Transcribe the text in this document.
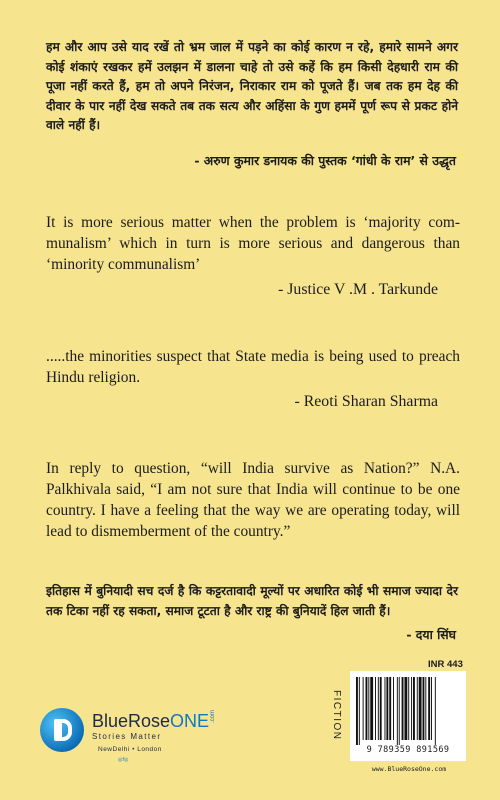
हम और आप उसे याद रखें तो भ्रम जाल में पड़ने का कोई कारण न रहे, हमारे सामने अगर कोई शंकाएं रखकर हमें उलझन में डालना चाहे तो उसे कहें कि हम किसी देहधारी राम की पूजा नहीं करते हैं, हम तो अपने निरंजन, निराकार राम को पूजते हैं। जब तक हम देह की दीवार के पार नहीं देख सकते तब तक सत्य और अहिंसा के गुण हममें पूर्ण रूप से प्रकट होने वाले नहीं हैं।

- अरुण कुमार डनायक की पुस्तक ‘गांधी के राम’ से उद्धृत

It is more serious matter when the problem is ‘majority com-munalism’ which in turn is more serious and dangerous than ‘minority communalism’

- Justice V .M . Tarkunde

.....the minorities suspect that State media is being used to preach Hindu religion.

- Reoti Sharan Sharma

In reply to question, “will India survive as Nation?” N.A. Palkhivala said, “I am not sure that India will continue to be one country. I have a feeling that the way we are operating today, will lead to dismemberment of the country.”

इतिहास में बुनियादी सच दर्ज है कि कट्टरतावादी मूल्यों पर अधारित कोई भी समाज ज्यादा देर तक टिका नहीं रह सकता, समाज टूटता है और राष्ट्र की बुनियादें हिल जाती हैं।

- दया सिंघ
BlueRoseONE .com
Stories Matter
NewDelhi • London
◎f◎
FICTION
INR 443
9 789359 891569
www.BlueRoseOne.com
